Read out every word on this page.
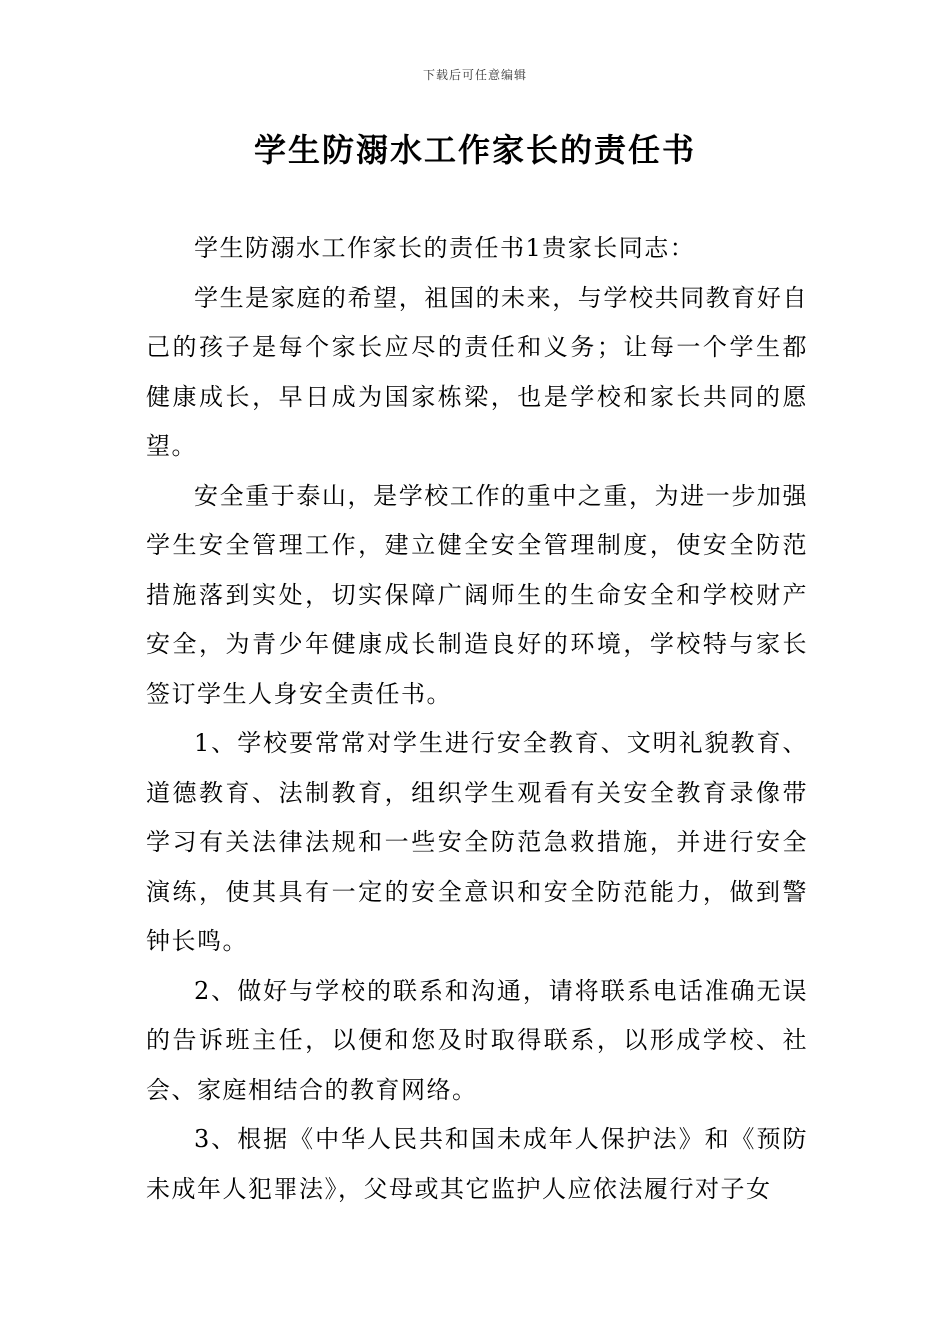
下载后可任意编辑
学生防溺水工作家长的责任书

学生防溺水工作家长的责任书1贵家长同志：

学生是家庭的希望，祖国的未来，与学校共同教育好自己的孩子是每个家长应尽的责任和义务；让每一个学生都健康成长，早日成为国家栋梁，也是学校和家长共同的愿望。

安全重于泰山，是学校工作的重中之重，为进一步加强学生安全管理工作，建立健全安全管理制度，使安全防范措施落到实处，切实保障广阔师生的生命安全和学校财产安全，为青少年健康成长制造良好的环境，学校特与家长签订学生人身安全责任书。

1、学校要常常对学生进行安全教育、文明礼貌教育、道德教育、法制教育，组织学生观看有关安全教育录像带学习有关法律法规和一些安全防范急救措施，并进行安全演练，使其具有一定的安全意识和安全防范能力，做到警钟长鸣。

2、做好与学校的联系和沟通，请将联系电话准确无误的告诉班主任，以便和您及时取得联系，以形成学校、社会、家庭相结合的教育网络。

3、根据《中华人民共和国未成年人保护法》和《预防未成年人犯罪法》，父母或其它监护人应依法履行对子女
